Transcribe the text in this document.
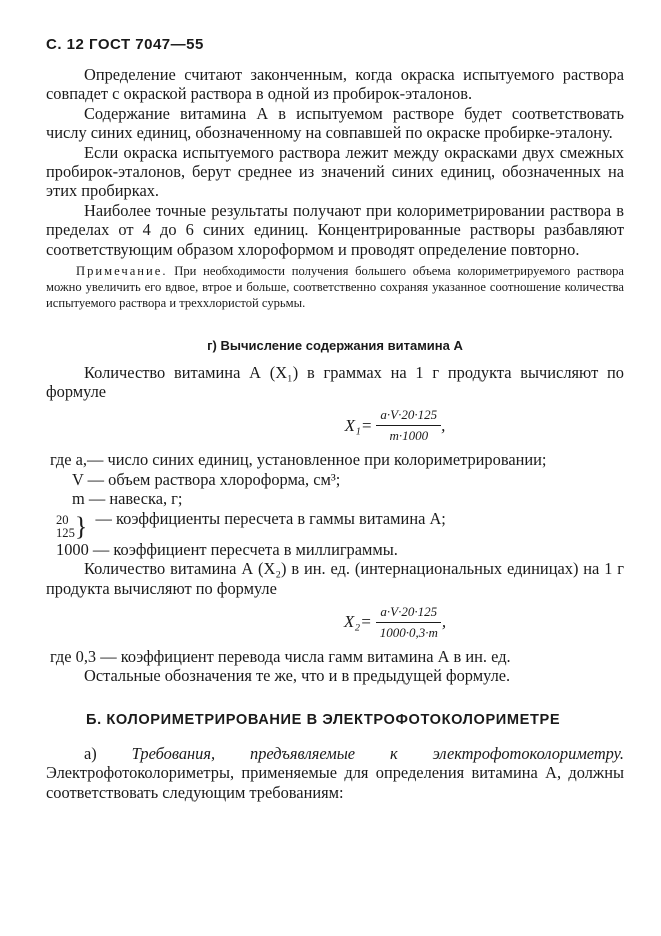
С. 12 ГОСТ 7047—55

Определение считают законченным, когда окраска испытуемого раствора совпадет с окраской раствора в одной из пробирок-эталонов.

Содержание витамина А в испытуемом растворе будет соответствовать числу синих единиц, обозначенному на совпавшей по окраске пробирке-эталону.

Если окраска испытуемого раствора лежит между окрасками двух смежных пробирок-эталонов, берут среднее из значений синих единиц, обозначенных на этих пробирках.

Наиболее точные результаты получают при колориметрировании раствора в пределах от 4 до 6 синих единиц. Концентрированные растворы разбавляют соответствующим образом хлороформом и проводят определение повторно.

Примечание. При необходимости получения большего объема колориметрируемого раствора можно увеличить его вдвое, втрое и больше, соответственно сохраняя указанное соотношение количества испытуемого раствора и треххлористой сурьмы.
г) Вычисление содержания витамина А

Количество витамина А (X₁) в граммах на 1 г продукта вычисляют по формуле

$X_1= \frac{a\cdot V\cdot 20\cdot 125}{m\cdot 1000}$ ,
где a,— число синих единиц, установленное при колориметрировании;
V — объем раствора хлороформа, см³;
m — навеска, г;
20
125 } — коэффициенты пересчета в гаммы витамина А;
1000 — коэффициент пересчета в миллиграммы.

Количество витамина А (X₂) в ин. ед. (интернациональных единицах) на 1 г продукта вычисляют по формуле

$X_2= \frac{a\cdot V\cdot 20\cdot 125}{1000\cdot 0,3\cdot m}$ ,
где 0,3 — коэффициент перевода числа гамм витамина А в ин. ед.

Остальные обозначения те же, что и в предыдущей формуле.

Б. КОЛОРИМЕТРИРОВАНИЕ В ЭЛЕКТРОФОТОКОЛОРИМЕТРЕ

а) Требования, предъявляемые к электрофотоколориметру. Электрофотоколориметры, применяемые для определения витамина А, должны соответствовать следующим требованиям:
